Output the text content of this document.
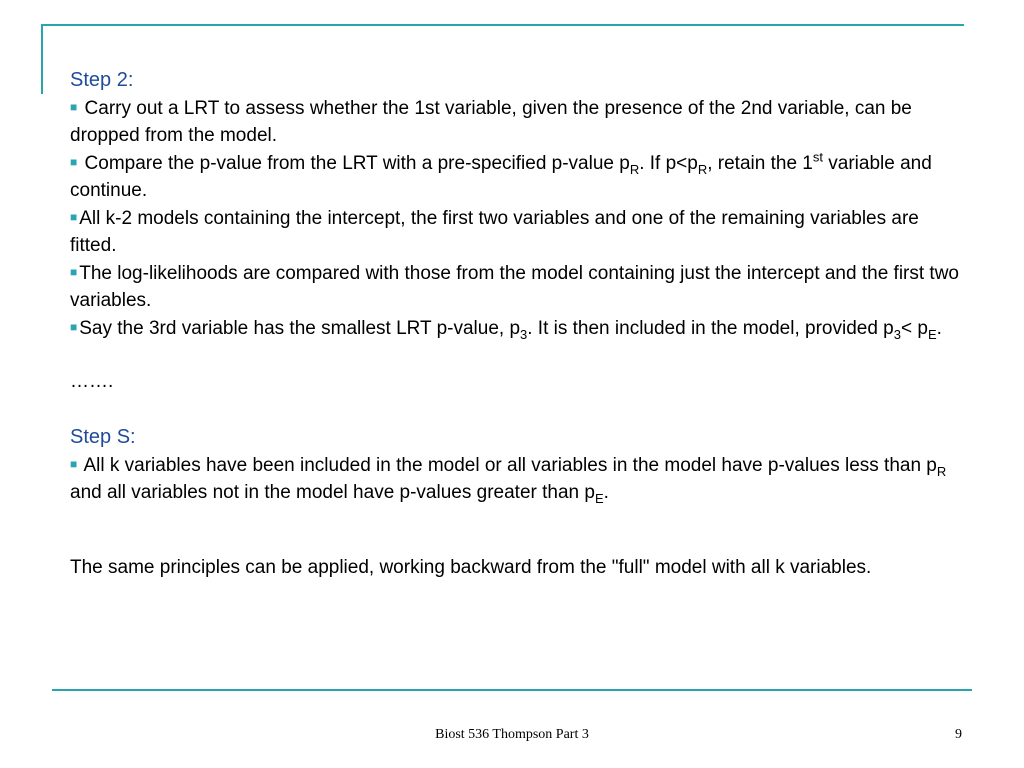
Step 2:

■ Carry out a LRT to assess whether the 1st variable, given the presence of the 2nd variable, can be dropped from the model.

■ Compare the p-value from the LRT with a pre-specified p-value $p_R$. If $p<p_R$, retain the 1st variable and continue.

■ All k-2 models containing the intercept, the first two variables and one of the remaining variables are fitted.

■ The log-likelihoods are compared with those from the model containing just the intercept and the first two variables.

■ Say the 3rd variable has the smallest LRT p-value, $p_3$. It is then included in the model, provided $p_3< p_E$.

…….

Step S:

■ All k variables have been included in the model or all variables in the model have p-values less than $p_R$ and all variables not in the model have p-values greater than $p_E$.

The same principles can be applied, working backward from the "full" model with all k variables.

Biost 536 Thompson Part 3	9
